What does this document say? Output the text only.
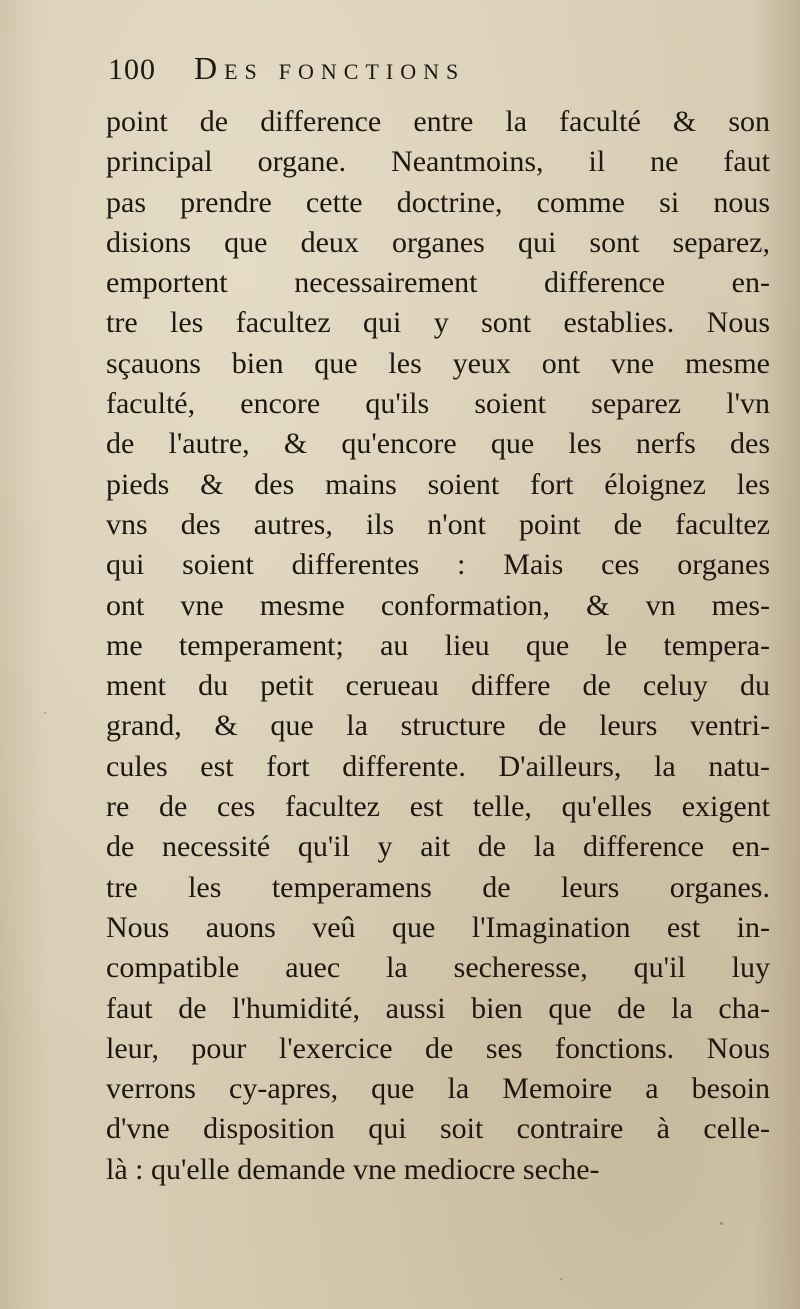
100 Des fonctions
point de difference entre la faculté & son
principal organe. Neantmoins, il ne faut
pas prendre cette doctrine, comme si nous
disions que deux organes qui sont separez,
emportent necessairement difference en-
tre les facultez qui y sont establies. Nous
sçauons bien que les yeux ont vne mesme
faculté, encore qu'ils soient separez l'vn
de l'autre, & qu'encore que les nerfs des
pieds & des mains soient fort éloignez les
vns des autres, ils n'ont point de facultez
qui soient differentes : Mais ces organes
ont vne mesme conformation, & vn mes-
me temperament; au lieu que le tempera-
ment du petit cerueau differe de celuy du
grand, & que la structure de leurs ventri-
cules est fort differente. D'ailleurs, la natu-
re de ces facultez est telle, qu'elles exigent
de necessité qu'il y ait de la difference en-
tre les temperamens de leurs organes.
Nous auons veû que l'Imagination est in-
compatible auec la secheresse, qu'il luy
faut de l'humidité, aussi bien que de la cha-
leur, pour l'exercice de ses fonctions. Nous
verrons cy-apres, que la Memoire a besoin
d'vne disposition qui soit contraire à celle-
là : qu'elle demande vne mediocre seche-
